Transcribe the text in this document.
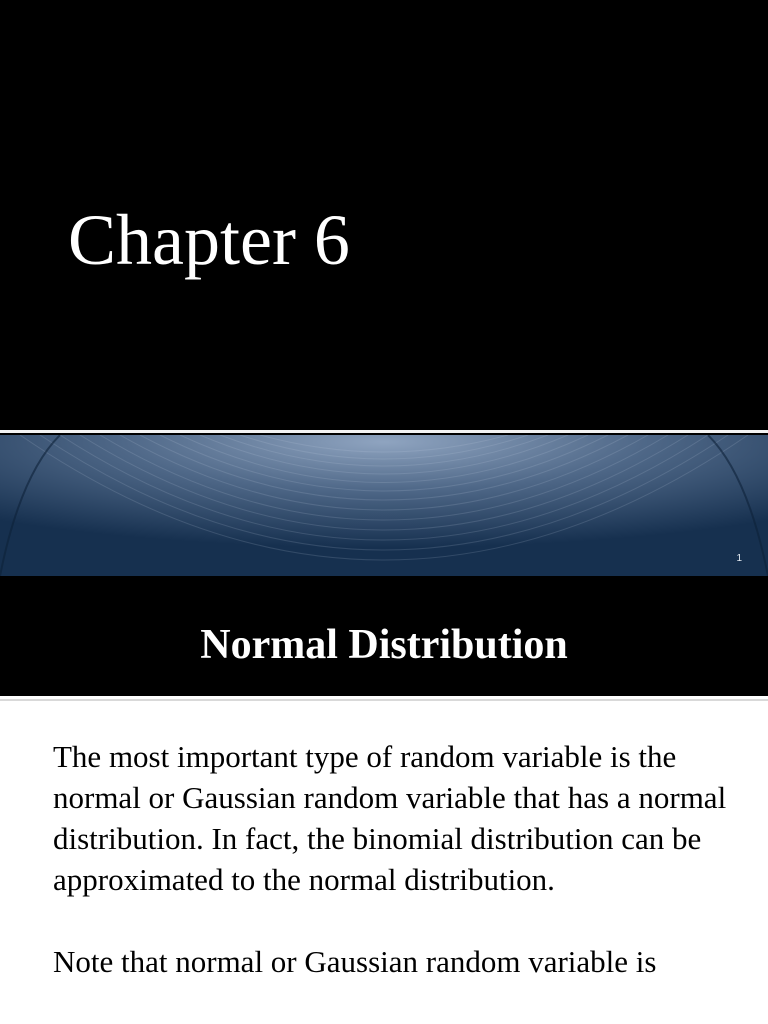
Chapter 6
1
Normal Distribution

The most important type of random variable is the normal or Gaussian random variable that has a normal distribution. In fact, the binomial distribution can be approximated to the normal distribution.

Note that normal or Gaussian random variable is
